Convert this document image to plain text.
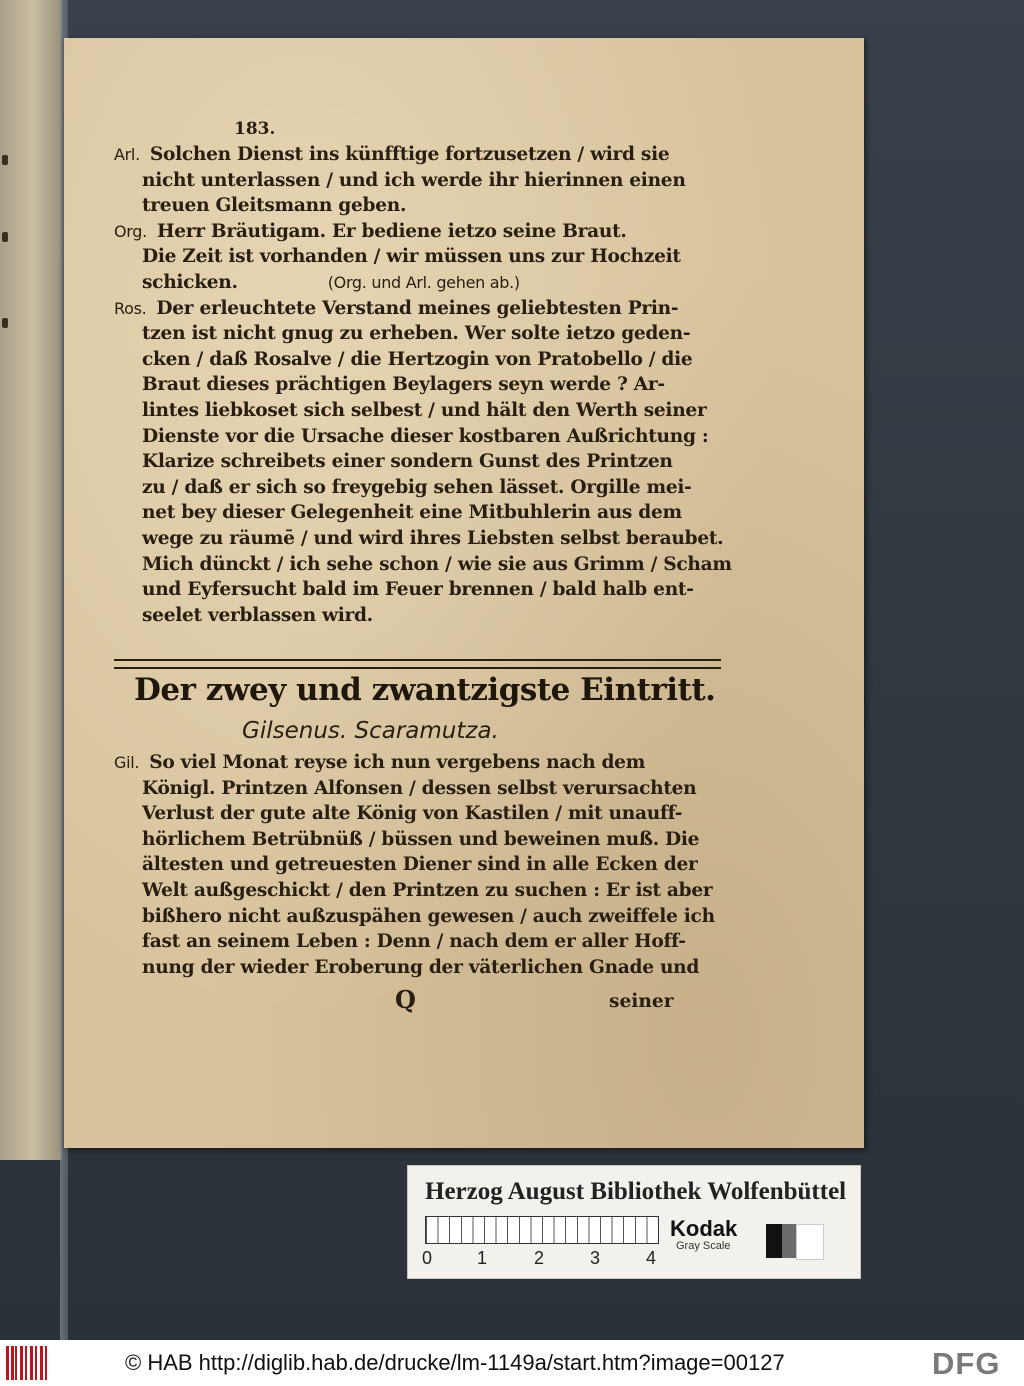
183.
Arl. Solchen Dienst ins künfftige fortzusetzen / wird sie
nicht unterlassen / und ich werde ihr hierinnen einen
treuen Gleitsmann geben.
Org. Herr Bräutigam. Er bediene ietzo seine Braut.
Die Zeit ist vorhanden / wir müssen uns zur Hochzeit
schicken.	(Org. und Arl. gehen ab.)
Ros. Der erleuchtete Verstand meines geliebtesten Prin-
tzen ist nicht gnug zu erheben. Wer solte ietzo geden-
cken / daß Rosalve / die Hertzogin von Pratobello / die
Braut dieses prächtigen Beylagers seyn werde ? Ar-
lintes liebkoset sich selbest / und hält den Werth seiner
Dienste vor die Ursache dieser kostbaren Außrichtung :
Klarize schreibets einer sondern Gunst des Printzen
zu / daß er sich so freygebig sehen lässet. Orgille mei-
net bey dieser Gelegenheit eine Mitbuhlerin aus dem
wege zu räumē / und wird ihres Liebsten selbst beraubet.
Mich dünckt / ich sehe schon / wie sie aus Grimm / Scham
und Eyfersucht bald im Feuer brennen / bald halb ent-
seelet verblassen wird.
Der zwey und zwantzigste Eintritt.
Gilsenus. Scaramutza.
Gil. So viel Monat reyse ich nun vergebens nach dem
Königl. Printzen Alfonsen / dessen selbst verursachten
Verlust der gute alte König von Kastilen / mit unauff-
hörlichem Betrübnüß / büssen und beweinen muß. Die
ältesten und getreuesten Diener sind in alle Ecken der
Welt außgeschickt / den Printzen zu suchen : Er ist aber
bißhero nicht außzuspähen gewesen / auch zweiffele ich
fast an seinem Leben : Denn / nach dem er aller Hoff-
nung der wieder Eroberung der väterlichen Gnade und
Q	seiner
Herzog August Bibliothek Wolfenbüttel
0 1	2	3	4
Kodak
Gray Scale
© HAB http://diglib.hab.de/drucke/lm-1149a/start.htm?image=00127	DFG
